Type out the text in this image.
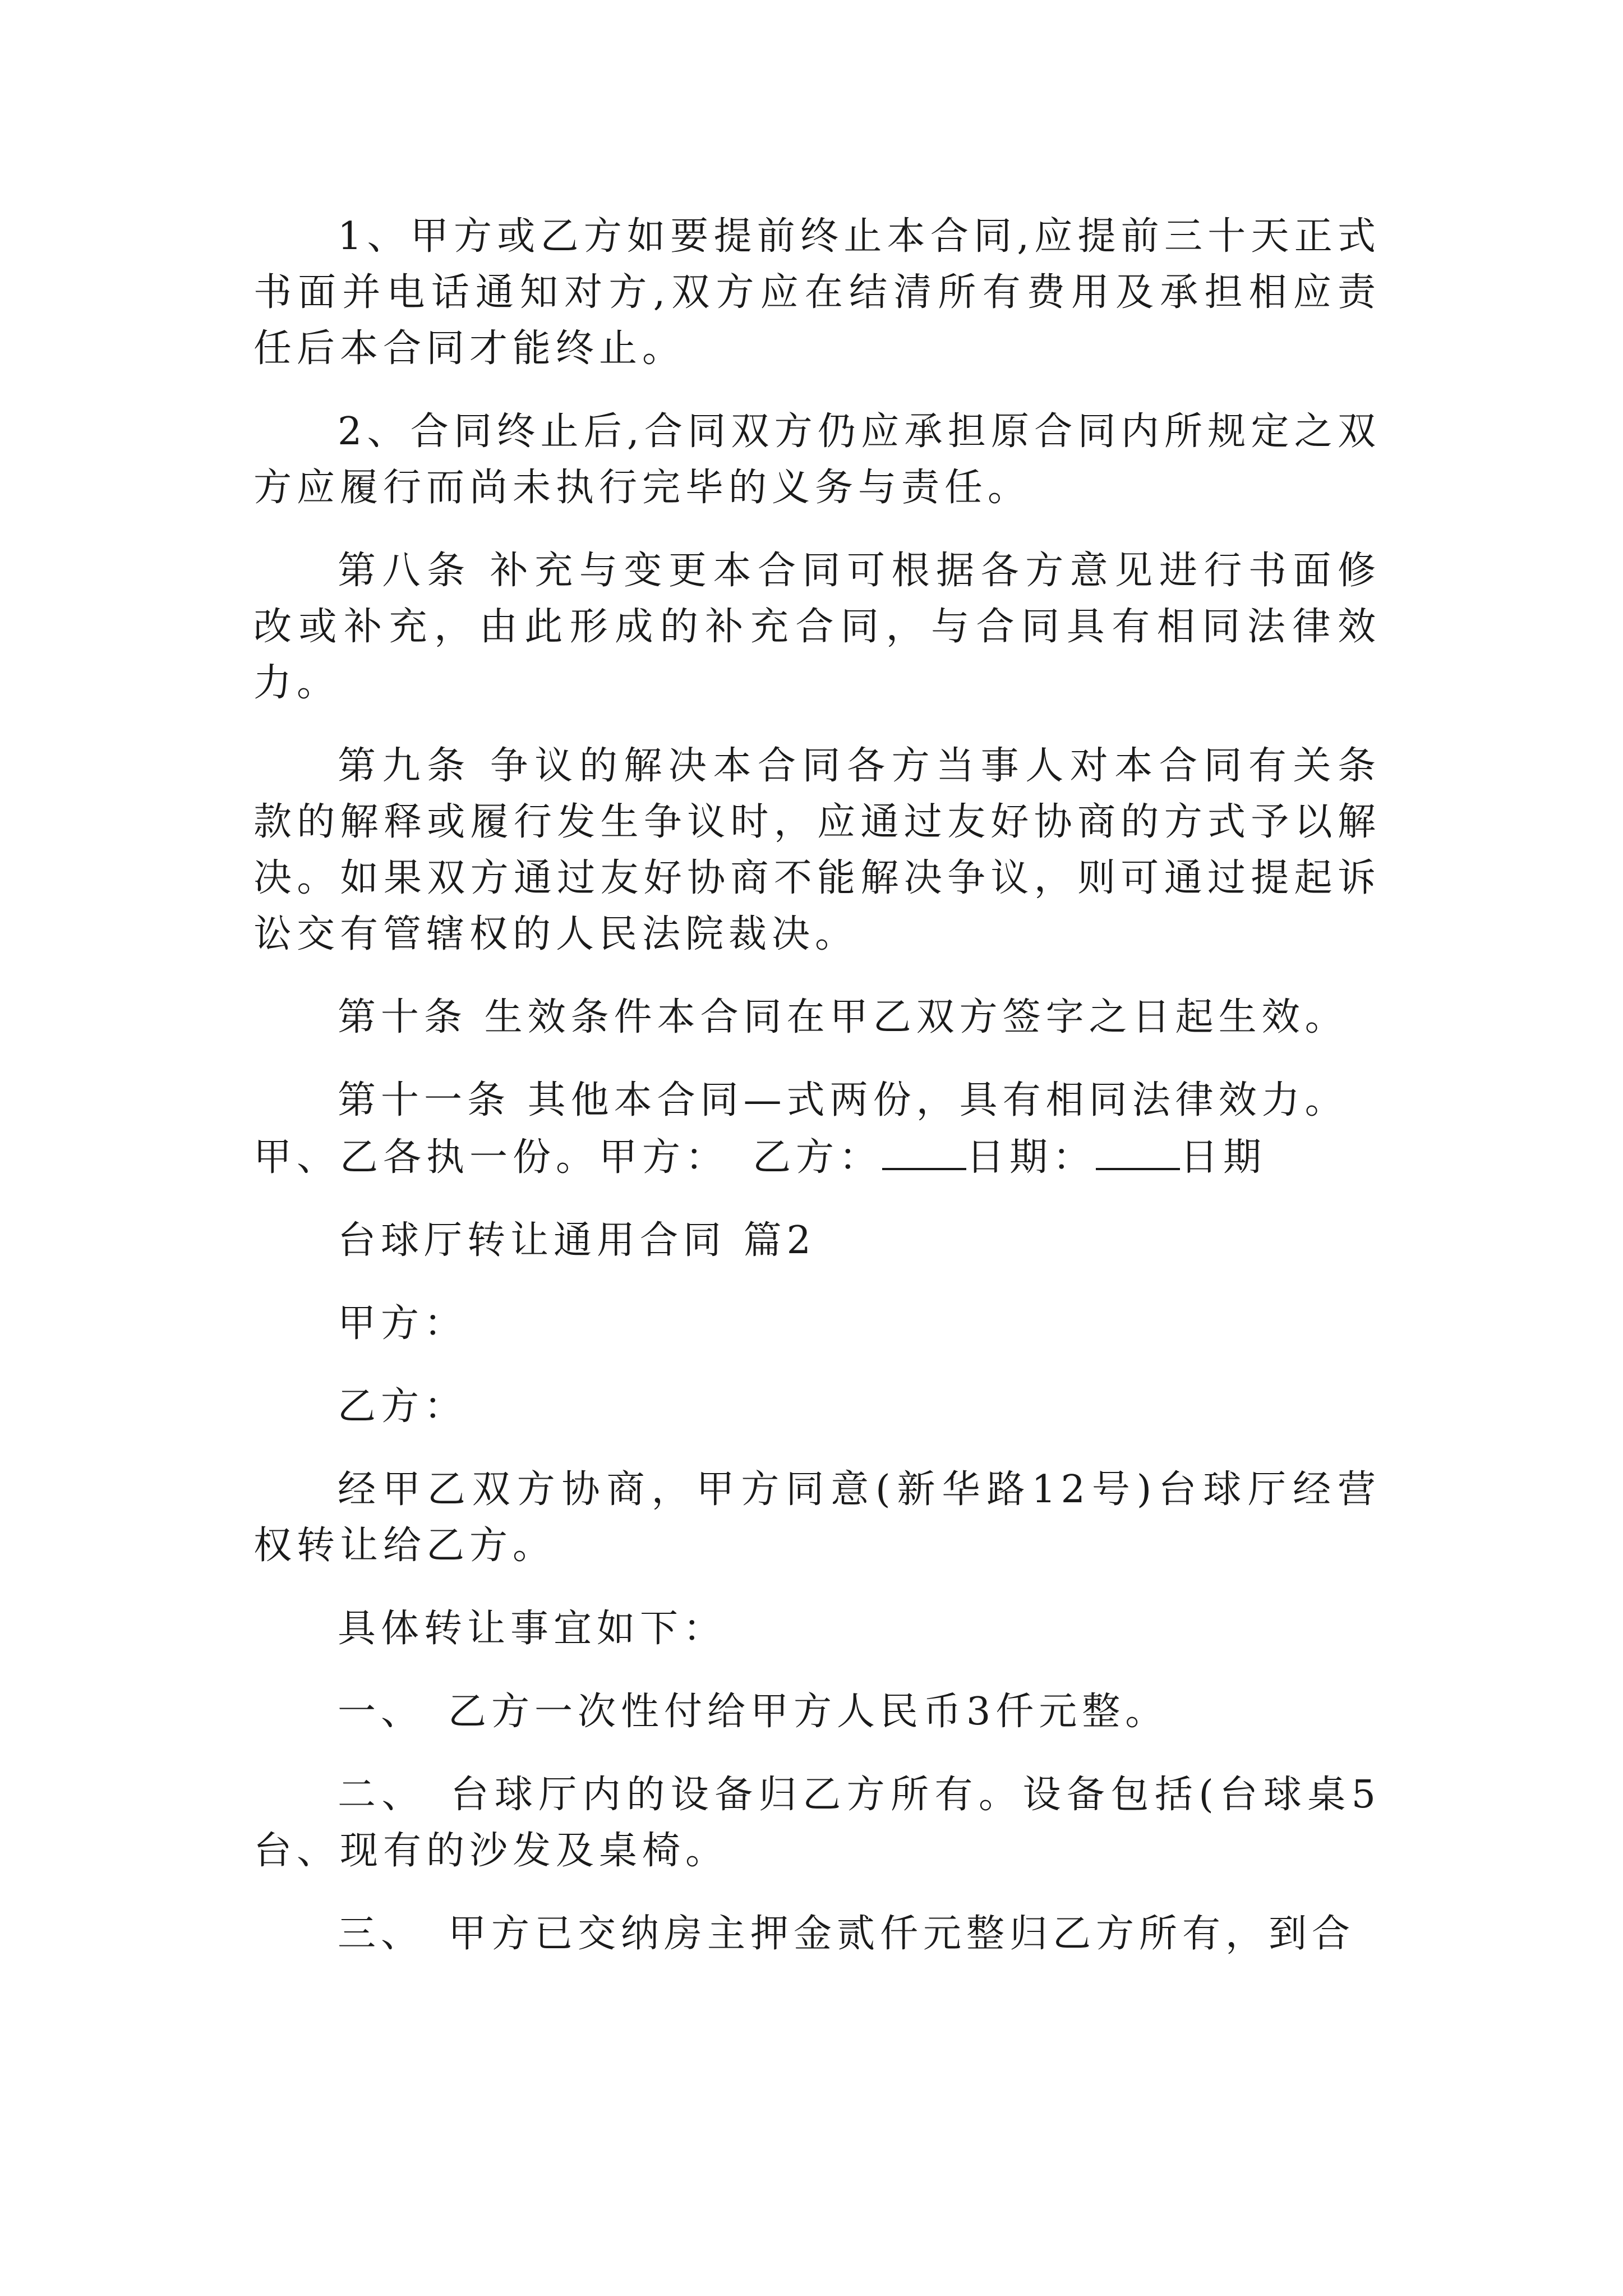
1、甲方或乙方如要提前终止本合同,应提前三十天正式书面并电话通知对方,双方应在结清所有费用及承担相应责任后本合同才能终止。

2、合同终止后,合同双方仍应承担原合同内所规定之双方应履行而尚未执行完毕的义务与责任。

第八条 补充与变更本合同可根据各方意见进行书面修改或补充，由此形成的补充合同，与合同具有相同法律效力。

第九条 争议的解决本合同各方当事人对本合同有关条款的解释或履行发生争议时，应通过友好协商的方式予以解决。如果双方通过友好协商不能解决争议，则可通过提起诉讼交有管辖权的人民法院裁决。

第十条 生效条件本合同在甲乙双方签字之日起生效。

第十一条 其他本合同—式两份，具有相同法律效力。

甲、乙各执一份。甲方：　乙方： 日期： 日期

台球厅转让通用合同 篇2

甲方：

乙方：

经甲乙双方协商，甲方同意(新华路12号)台球厅经营权转让给乙方。

具体转让事宜如下：

一、　乙方一次性付给甲方人民币3仟元整。

二、　台球厅内的设备归乙方所有。设备包括(台球桌5台、现有的沙发及桌椅。

三、　甲方已交纳房主押金贰仟元整归乙方所有，到合
